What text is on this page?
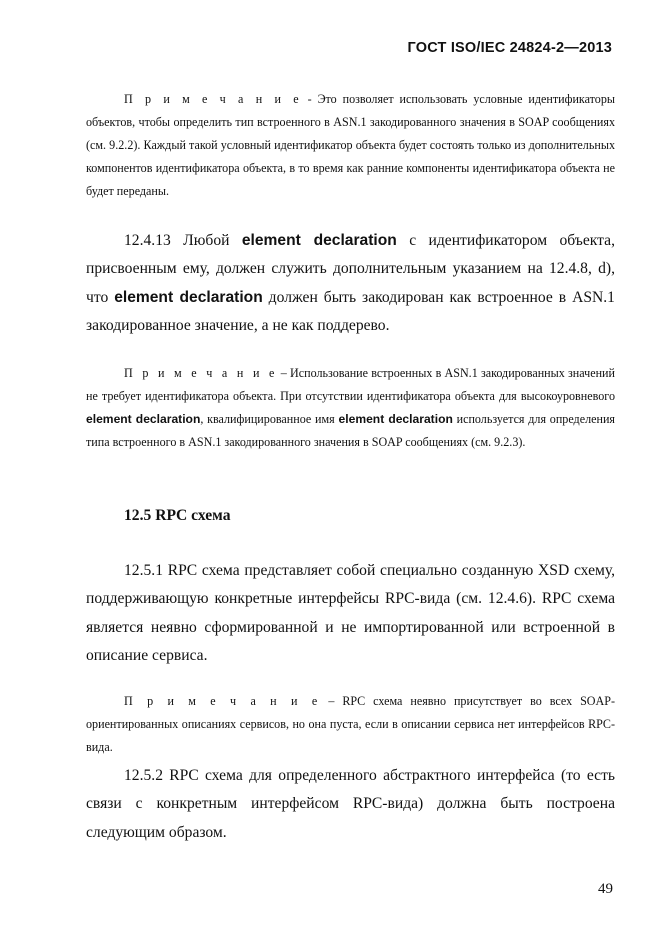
ГОСТ ISO/IEC 24824-2—2013

П р и м е ч а н и е - Это позволяет использовать условные идентификаторы объектов, чтобы определить тип встроенного в ASN.1 закодированного значения в SOAP сообщениях (см. 9.2.2). Каждый такой условный идентификатор объекта будет состоять только из дополнительных компонентов идентификатора объекта, в то время как ранние компоненты идентификатора объекта не будет переданы.

12.4.13 Любой element declaration с идентификатором объекта, присвоенным ему, должен служить дополнительным указанием на 12.4.8, d), что element declaration должен быть закодирован как встроенное в ASN.1 закодированное значение, а не как поддерево.

П р и м е ч а н и е – Использование встроенных в ASN.1 закодированных значений не требует идентификатора объекта. При отсутствии идентификатора объекта для высокоуровневого element declaration, квалифицированное имя element declaration используется для определения типа встроенного в ASN.1 закодированного значения в SOAP сообщениях (см. 9.2.3).

12.5 RPC схема

12.5.1 RPC схема представляет собой специально созданную XSD схему, поддерживающую конкретные интерфейсы RPC-вида (см. 12.4.6). RPC схема является неявно сформированной и не импортированной или встроенной в описание сервиса.

П р и м е ч а н и е – RPC схема неявно присутствует во всех SOAP-ориентированных описаниях сервисов, но она пуста, если в описании сервиса нет интерфейсов RPC-вида.

12.5.2 RPC схема для определенного абстрактного интерфейса (то есть связи с конкретным интерфейсом RPC-вида) должна быть построена следующим образом.

49
